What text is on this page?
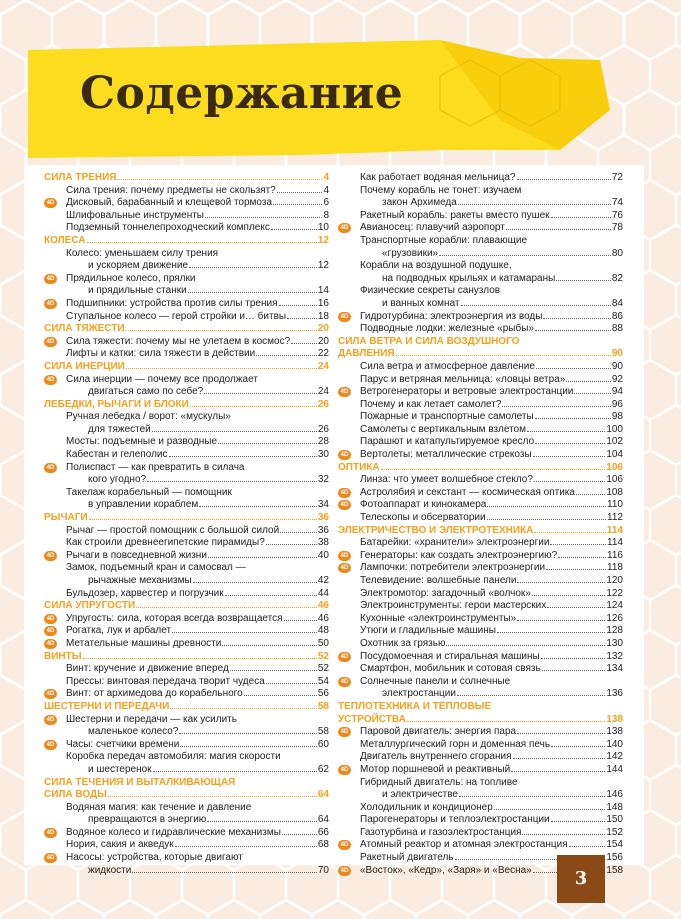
Содержание
СИЛА ТРЕНИЯ	4
Сила трения: почему предметы не скользят?	4
4D Дисковый, барабанный и клещевой тормоза	6
Шлифовальные инструменты	8
Подземный тоннелепроходческий комплекс	10
КОЛЕСА	12
Колесо: уменьшаем силу трения
и ускоряем движение	12
4D Прядильное колесо, прялки
и прядильные станки	14
4D Подшипники: устройства против силы трения	16
Ступальное колесо — герой стройки и… битвы	18
СИЛА ТЯЖЕСТИ	20
4D Сила тяжести: почему мы не улетаем в космос?	20
Лифты и катки: сила тяжести в действии	22
СИЛА ИНЕРЦИИ	24
4D Сила инерции — почему все продолжает
двигаться само по себе?	24
ЛЕБЕДКИ, РЫЧАГИ И БЛОКИ	26
Ручная лебедка / ворот: «мускулы»
для тяжестей	26
Мосты: подъемные и разводные	28
Кабестан и гелеполис	30
4D Полиспаст — как превратить в силача
кого угодно?	32
Такелаж корабельный — помощник
в управлении кораблем	34
РЫЧАГИ	36
Рычаг — простой помощник с большой силой	36
Как строили древнеегипетские пирамиды?	38
4D Рычаги в повседневной жизни	40
Замок, подъемный кран и самосвал —
рычажные механизмы	42
Бульдозер, харвестер и погрузчик	44
СИЛА УПРУГОСТИ	46
4D Упругость: сила, которая всегда возвращается	46
4D Рогатка, лук и арбалет	48
4D Метательные машины древности	50
ВИНТЫ	52
Винт: кручение и движение вперед	52
Прессы: винтовая передача творит чудеса	54
4D Винт: от архимедова до корабельного	56
ШЕСТЕРНИ И ПЕРЕДАЧИ	58
4D Шестерни и передачи — как усилить
маленькое колесо?	58
4D Часы: счетчики времени	60
Коробка передач автомобиля: магия скорости
и шестеренок	62
СИЛА ТЕЧЕНИЯ И ВЫТАЛКИВАЮЩАЯ
СИЛА ВОДЫ	64
Водяная магия: как течение и давление
превращаются в энергию	64
4D Водяное колесо и гидравлические механизмы	66
Нория, сакия и акведук	68
4D Насосы: устройства, которые двигают
жидкости	70
Как работает водяная мельница?	72
Почему корабль не тонет: изучаем
закон Архимеда	74
Ракетный корабль: ракеты вместо пушек	76
4D Авианосец: плавучий аэропорт	78
Транспортные корабли: плавающие
«грузовики»	80
Корабли на воздушной подушке,
на подводных крыльях и катамараны	82
Физические секреты санузлов
и ванных комнат	84
4D Гидротурбина: электроэнергия из воды	86
Подводные лодки: железные «рыбы»	88
СИЛА ВЕТРА И СИЛА ВОЗДУШНОГО
ДАВЛЕНИЯ	90
Сила ветра и атмосферное давление	90
Парус и ветряная мельница: «ловцы ветра»	92
4D Ветрогенераторы и ветровые электростанции	94
Почему и как летает самолет?	96
Пожарные и транспортные самолеты	98
Самолеты с вертикальным взлетом	100
Парашют и катапультируемое кресло	102
4D Вертолеты: металлические стрекозы	104
ОПТИКА	106
Линза: что умеет волшебное стекло?	106
4D Астролябия и секстант — космическая оптика	108
4D Фотоаппарат и кинокамера	110
Телескопы и обсерватории	112
ЭЛЕКТРИЧЕСТВО И ЭЛЕКТРОТЕХНИКА	114
Батарейки: «хранители» электроэнергии	114
4D Генераторы: как создать электроэнергию?	116
4D Лампочки: потребители электроэнергии	118
Телевидение: волшебные панели	120
Электромотор: загадочный «волчок»	122
Электроинструменты: герои мастерских	124
Кухонные «электроинструменты»	126
Утюги и гладильные машины	128
Охотник за грязью	130
4D Посудомоечная и стиральная машины	132
Смартфон, мобильник и сотовая связь	134
4D Солнечные панели и солнечные
электростанции	136
ТЕПЛОТЕХНИКА И ТЕПЛОВЫЕ
УСТРОЙСТВА	138
4D Паровой двигатель: энергия пара	138
Металлургический горн и доменная печь	140
Двигатель внутреннего сгорания	142
4D Мотор поршневой и реактивный	144
Гибридный двигатель: на топливе
и электричестве	146
Холодильник и кондиционер	148
Парогенераторы и теплоэлектростанции	150
Газотурбина и газоэлектростанция	152
4D Атомный реактор и атомная электростанция	154
Ракетный двигатель	156
4D «Восток», «Кедр», «Заря» и «Весна»	158
3
